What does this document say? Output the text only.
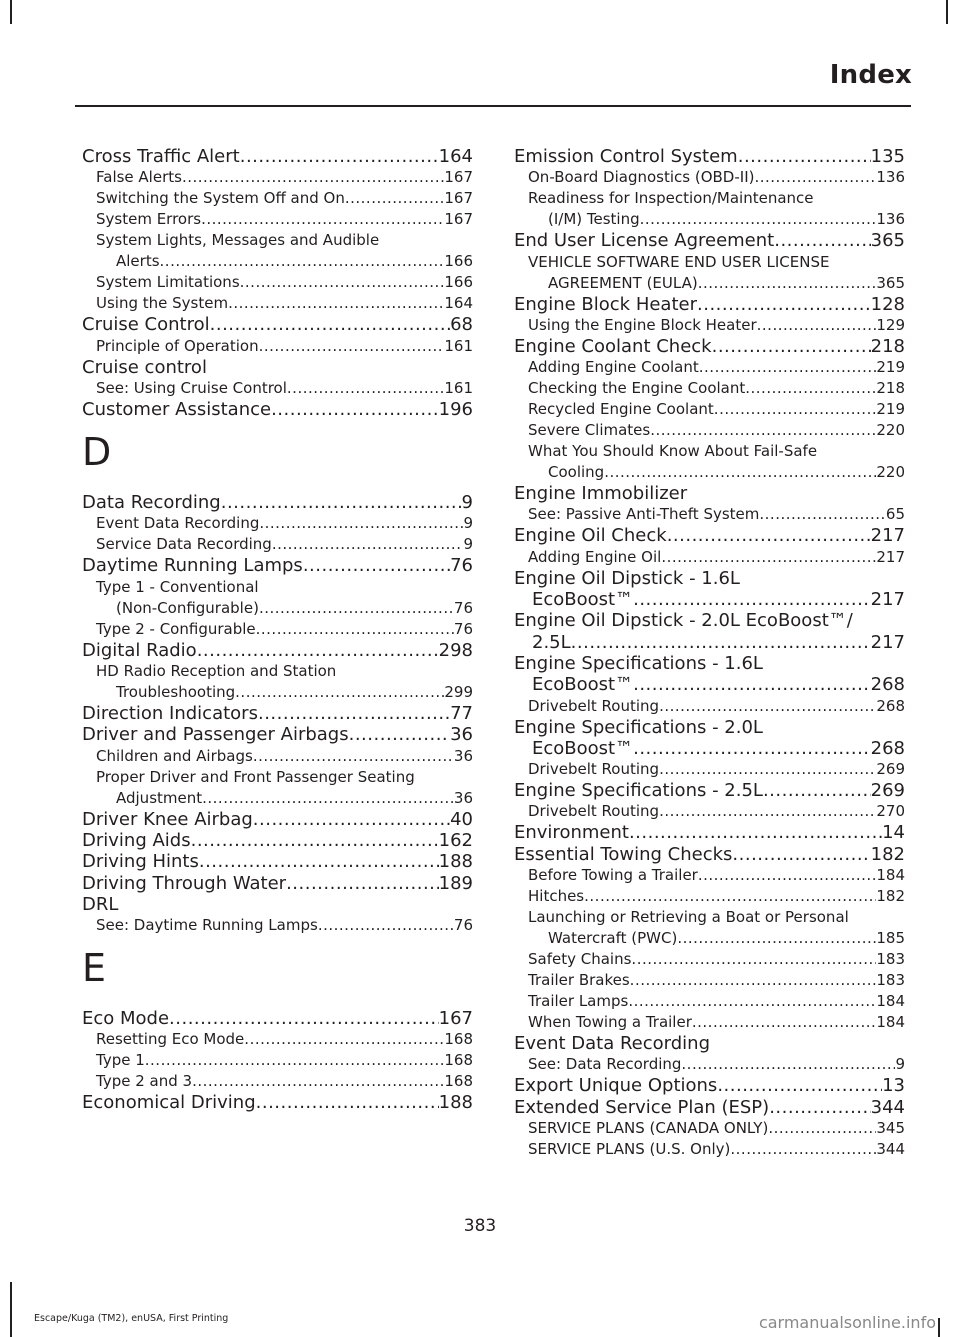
Index
Cross Traffic Alert .....	164
False Alerts .....	167
Switching the System Off and On .....	167
System Errors .....	167
System Lights, Messages and Audible
Alerts .....	166
System Limitations .....	166
Using the System .....	164
Cruise Control .....	68
Principle of Operation .....	161
Cruise control
See: Using Cruise Control .....	161
Customer Assistance .....	196
D
Data Recording .....	9
Event Data Recording .....	9
Service Data Recording .....	9
Daytime Running Lamps .....	76
Type 1 - Conventional
(Non-Configurable) .....	76
Type 2 - Configurable .....	76
Digital Radio .....	298
HD Radio Reception and Station
Troubleshooting .....	299
Direction Indicators .....	77
Driver and Passenger Airbags .....	36
Children and Airbags .....	36
Proper Driver and Front Passenger Seating
Adjustment .....	36
Driver Knee Airbag .....	40
Driving Aids .....	162
Driving Hints .....	188
Driving Through Water .....	189
DRL
See: Daytime Running Lamps .....	76
E
Eco Mode .....	167
Resetting Eco Mode .....	168
Type 1 .....	168
Type 2 and 3 .....	168
Economical Driving .....	188
Emission Control System .....	135
On-Board Diagnostics (OBD-II) .....	136
Readiness for Inspection/Maintenance
(I/M) Testing .....	136
End User License Agreement .....	365
VEHICLE SOFTWARE END USER LICENSE
AGREEMENT (EULA) .....	365
Engine Block Heater .....	128
Using the Engine Block Heater .....	129
Engine Coolant Check .....	218
Adding Engine Coolant .....	219
Checking the Engine Coolant .....	218
Recycled Engine Coolant .....	219
Severe Climates .....	220
What You Should Know About Fail-Safe
Cooling .....	220
Engine Immobilizer
See: Passive Anti-Theft System .....	65
Engine Oil Check .....	217
Adding Engine Oil .....	217
Engine Oil Dipstick - 1.6L
EcoBoost™ .....	217
Engine Oil Dipstick - 2.0L EcoBoost™/
2.5L .....	217
Engine Specifications - 1.6L
EcoBoost™ .....	268
Drivebelt Routing .....	268
Engine Specifications - 2.0L
EcoBoost™ .....	268
Drivebelt Routing .....	269
Engine Specifications - 2.5L .....	269
Drivebelt Routing .....	270
Environment .....	14
Essential Towing Checks .....	182
Before Towing a Trailer .....	184
Hitches .....	182
Launching or Retrieving a Boat or Personal
Watercraft (PWC) .....	185
Safety Chains .....	183
Trailer Brakes .....	183
Trailer Lamps .....	184
When Towing a Trailer .....	184
Event Data Recording
See: Data Recording .....	9
Export Unique Options .....	13
Extended Service Plan (ESP) .....	344
SERVICE PLANS (CANADA ONLY) .....	345
SERVICE PLANS (U.S. Only) .....	344
383
Escape/Kuga (TM2), enUSA, First Printing	carmanualsonline.info
